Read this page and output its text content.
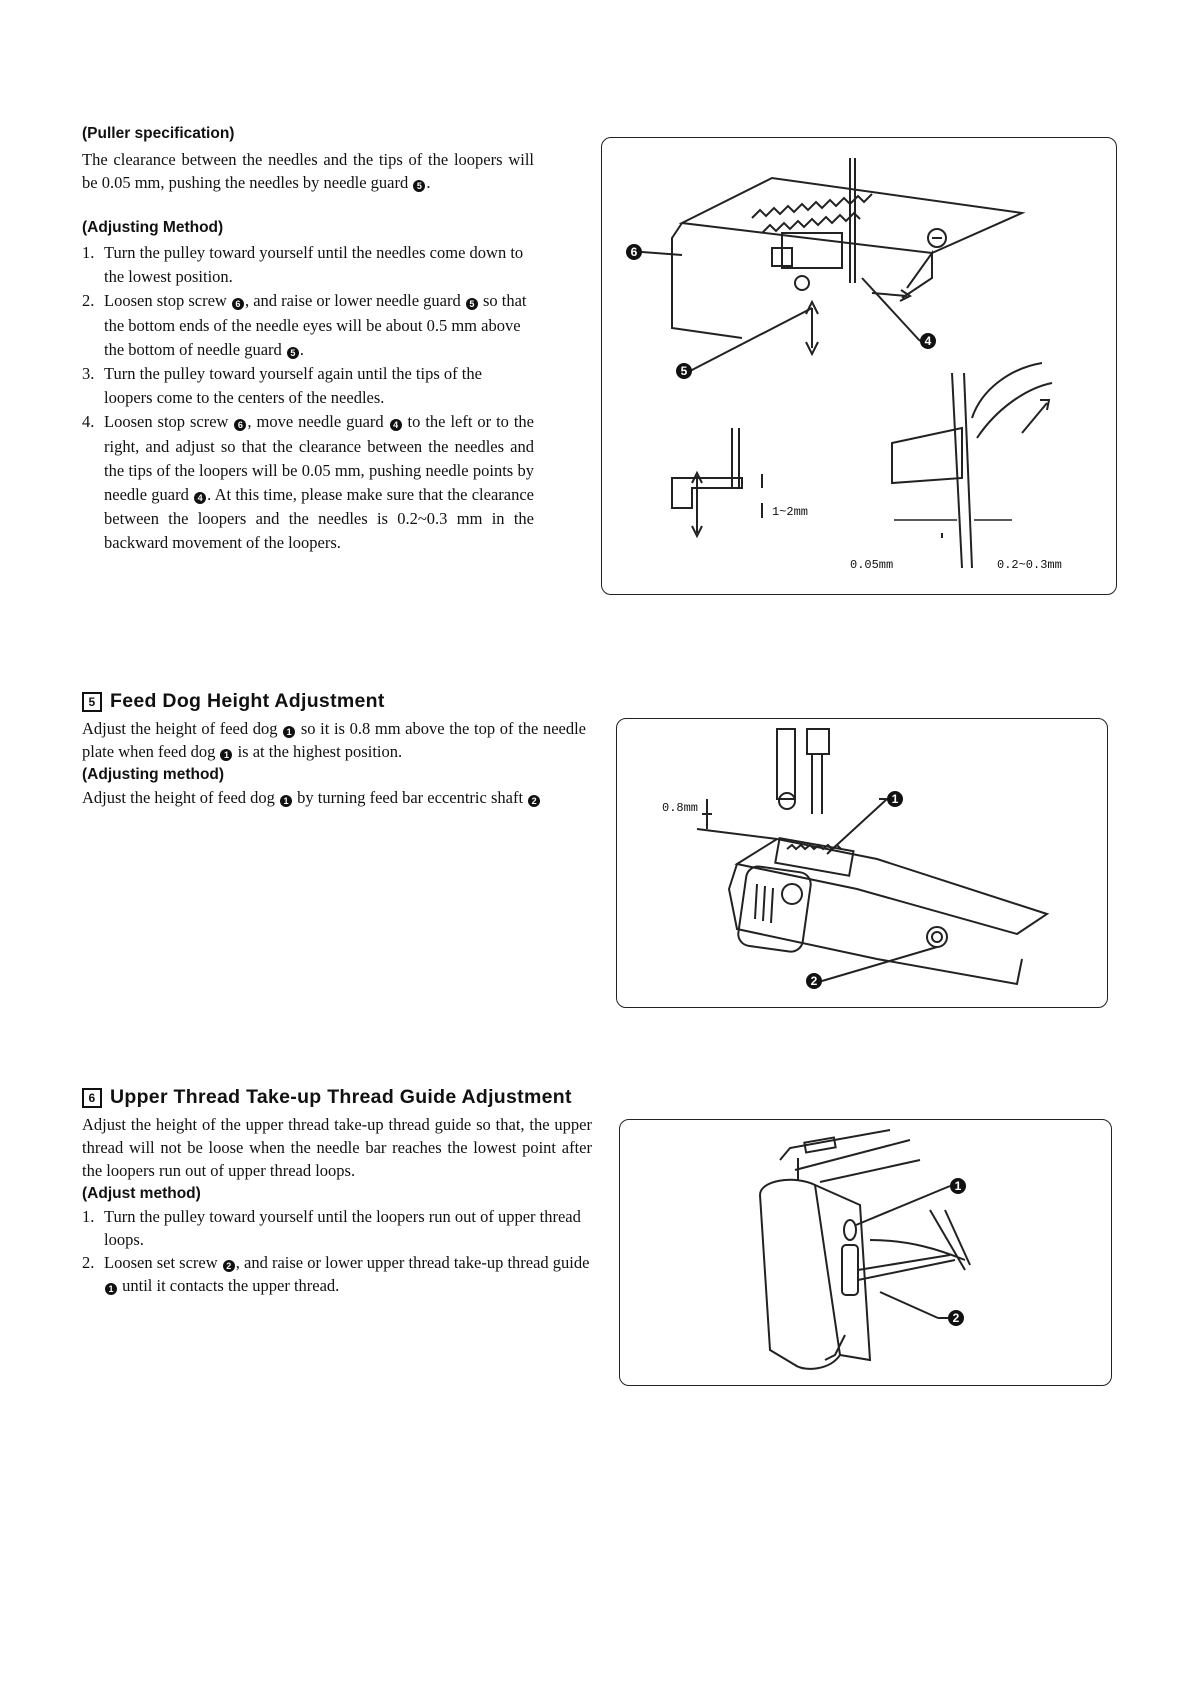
(Puller specification)

The clearance between the needles and the tips of the loopers will be 0.05 mm, pushing the needles by needle guard 5 .

(Adjusting Method)
1. Turn the pulley toward yourself until the needles come down to the lowest position.
2. Loosen stop screw 6 , and raise or lower needle guard 5 so that the bottom ends of the needle eyes will be about 0.5 mm above the bottom of needle guard 5 .
3. Turn the pulley toward yourself again until the tips of the loopers come to the centers of the needles.
4. Loosen stop screw 6 , move needle guard 4 to the left or to the right, and adjust so that the clearance between the needles and the tips of the loopers will be 0.05 mm, pushing needle points by needle guard 4 . At this time, please make sure that the clearance between the loopers and the needles is 0.2~0.3 mm in the backward movement of the loopers.
6
5
4
1~2mm
0.05mm	0.2~0.3mm
5 Feed Dog Height Adjustment

Adjust the height of feed dog 1 so it is 0.8 mm above the top of the needle plate when feed dog 1 is at the highest position.

(Adjusting method)

Adjust the height of feed dog 1 by turning feed bar eccentric shaft 2	1
2
0.8mm
6 Upper Thread Take-up Thread Guide Adjustment

Adjust the height of the upper thread take-up thread guide so that, the upper thread will not be loose when the needle bar reaches the lowest point after the loopers run out of upper thread loops.

(Adjust method)
1. Turn the pulley toward yourself until the loopers run out of upper thread loops.
2. Loosen set screw 2 , and raise or lower upper thread take-up thread guide 1 until it contacts the upper thread.
1
2
